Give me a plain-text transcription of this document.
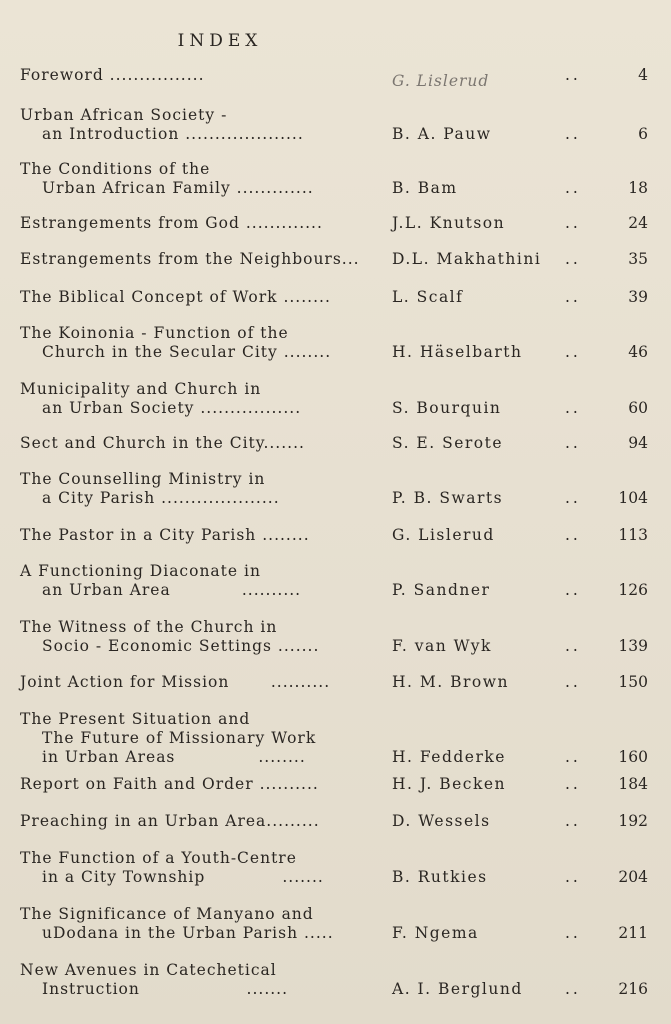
INDEX
Foreword ................	G. Lislerud	..	4
Urban African Society -
an Introduction ....................	B. A. Pauw	..	6
The Conditions of the
Urban African Family .............	B. Bam	..	18
Estrangements from God .............	J.L. Knutson	..	24
Estrangements from the Neighbours... D.L. Makhathini ..	35
The Biblical Concept of Work ........	L. Scalf	..	39
The Koinonia - Function of the
Church in the Secular City ........	H. Häselbarth	..	46
Municipality and Church in
an Urban Society .................	S. Bourquin	..	60
Sect and Church in the City.......	S. E. Serote	..	94
The Counselling Ministry in
a City Parish ....................	P. B. Swarts	.. 104
The Pastor in a City Parish ........	G. Lislerud	.. 113
A Functioning Diaconate in
an Urban Area            ..........	P. Sandner	.. 126
The Witness of the Church in
Socio - Economic Settings .......	F. van Wyk	.. 139
Joint Action for Mission       ..........	H. M. Brown	.. 150
The Present Situation and
The Future of Missionary Work
in Urban Areas              ........	H. Fedderke	.. 160
Report on Faith and Order ..........	H. J. Becken	.. 184
Preaching in an Urban Area.........	D. Wessels	.. 192
The Function of a Youth-Centre
in a City Township             .......	B. Rutkies	.. 204
The Significance of Manyano and
uDodana in the Urban Parish .....	F. Ngema	.. 211
New Avenues in Catechetical
Instruction                  .......	A. I. Berglund	.. 216
